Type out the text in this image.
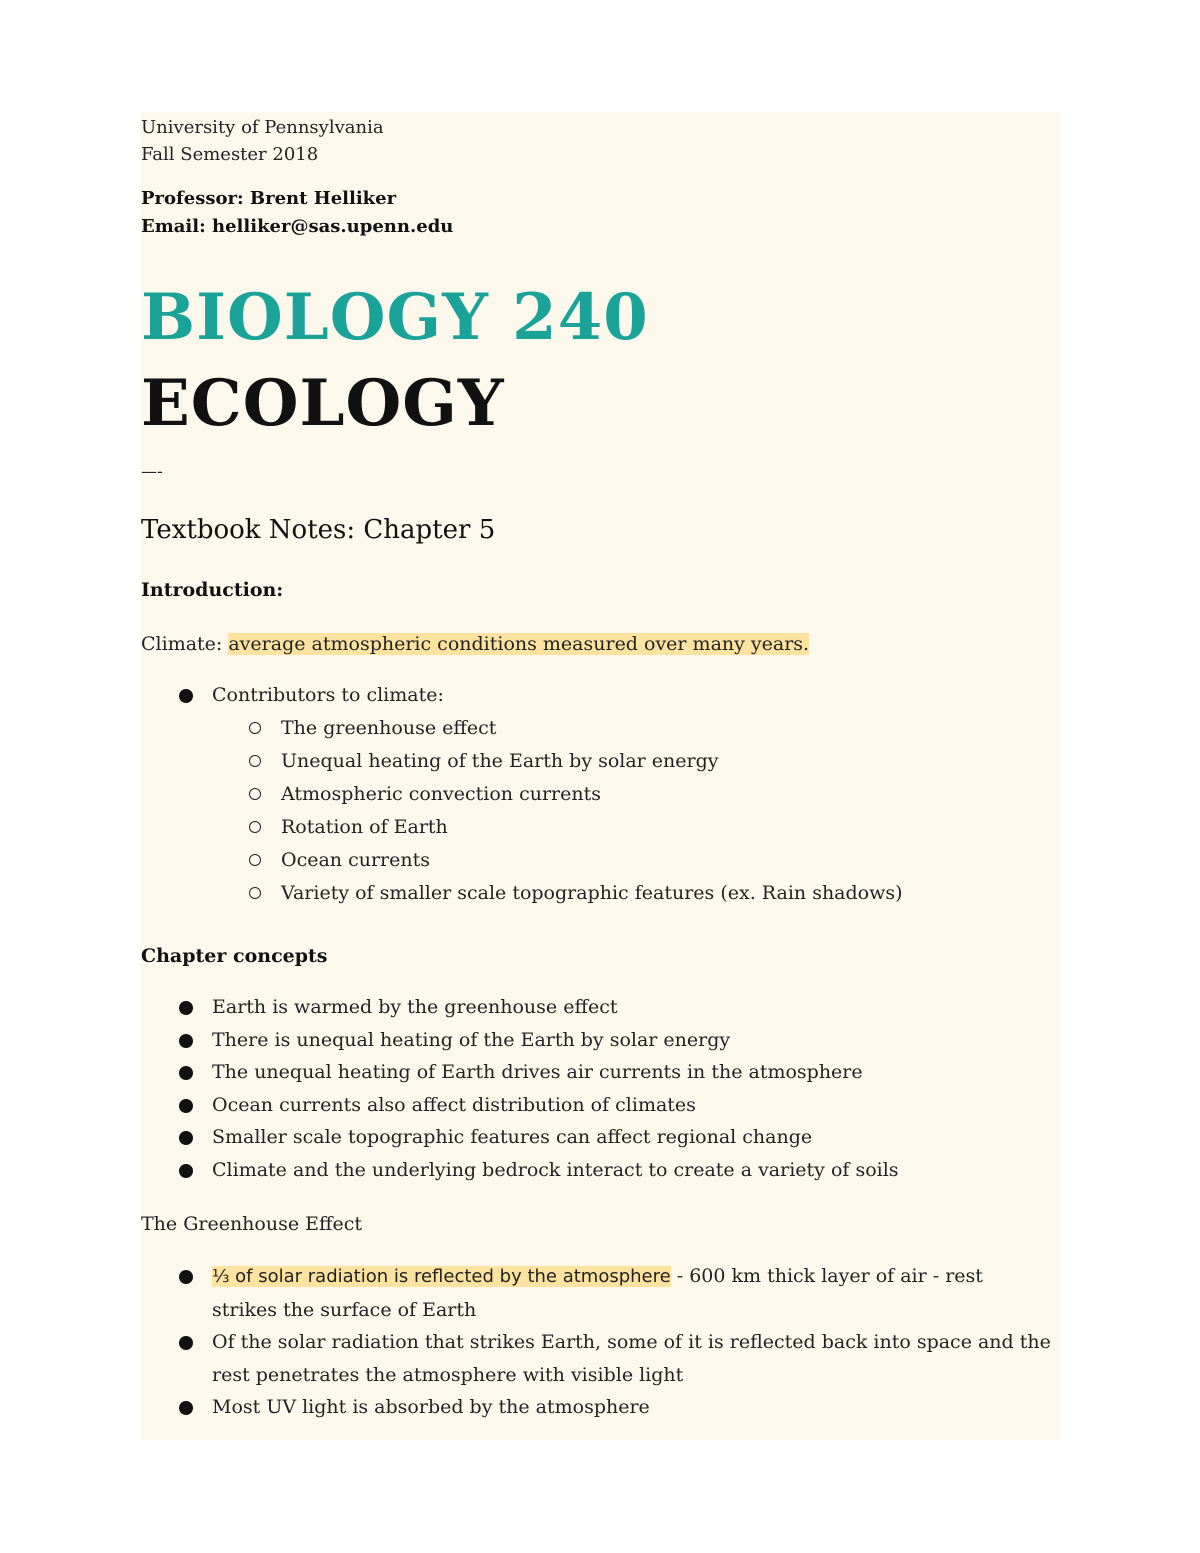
University of Pennsylvania
Fall Semester 2018
Professor: Brent Helliker
Email: helliker@sas.upenn.edu
BIOLOGY 240
ECOLOGY
—-
Textbook Notes: Chapter 5
Introduction:
Climate: average atmospheric conditions measured over many years.
Contributors to climate:
The greenhouse effect
Unequal heating of the Earth by solar energy
Atmospheric convection currents
Rotation of Earth
Ocean currents
Variety of smaller scale topographic features (ex. Rain shadows)
Chapter concepts
Earth is warmed by the greenhouse effect
There is unequal heating of the Earth by solar energy
The unequal heating of Earth drives air currents in the atmosphere
Ocean currents also affect distribution of climates
Smaller scale topographic features can affect regional change
Climate and the underlying bedrock interact to create a variety of soils
The Greenhouse Effect
⅓ of solar radiation is reflected by the atmosphere - 600 km thick layer of air - rest
strikes the surface of Earth
Of the solar radiation that strikes Earth, some of it is reflected back into space and the
rest penetrates the atmosphere with visible light
Most UV light is absorbed by the atmosphere
